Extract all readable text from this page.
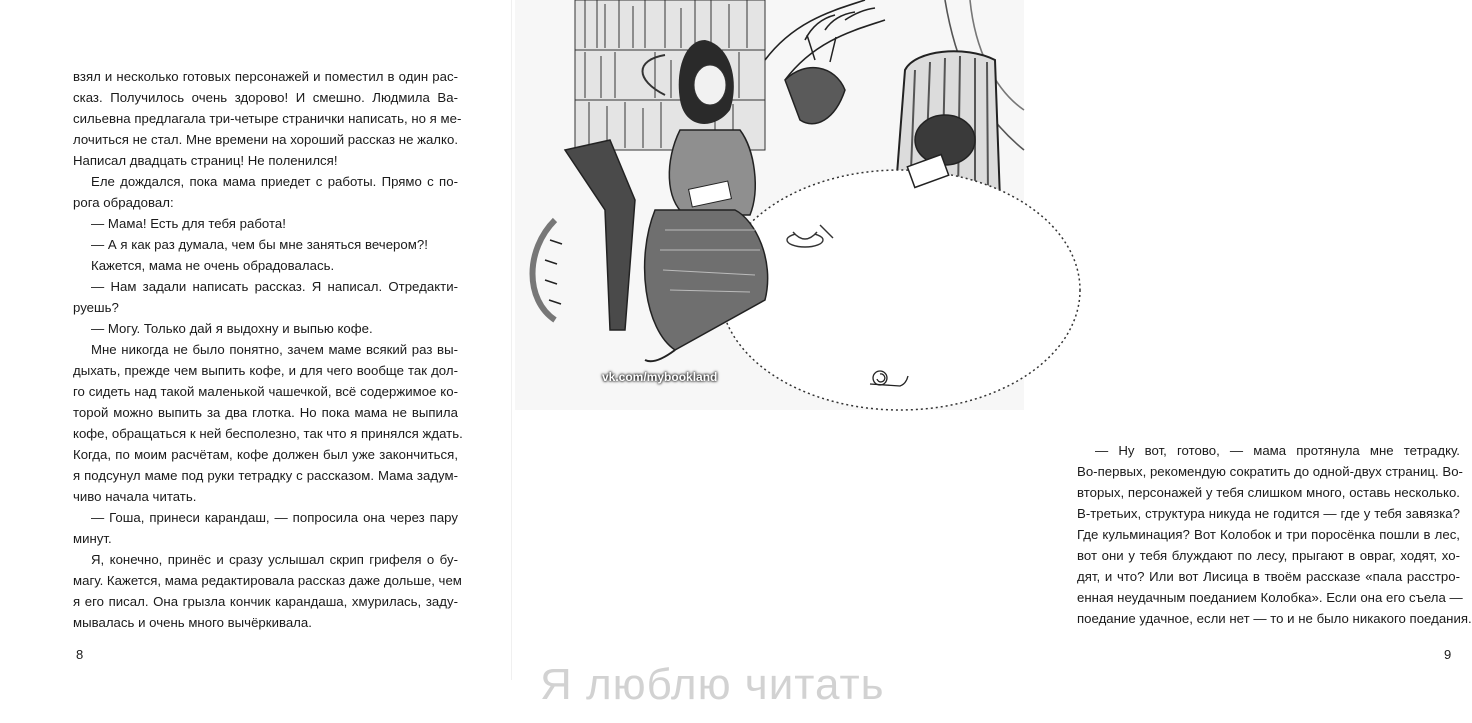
взял и несколько готовых персонажей и поместил в один рас-
сказ. Получилось очень здорово! И смешно. Людмила Ва-
сильевна предлагала три-четыре странички написать, но я ме-
лочиться не стал. Мне времени на хороший рассказ не жалко.
Написал двадцать страниц! Не поленился!
Еле дождался, пока мама приедет с работы. Прямо с по-
рога обрадовал:
— Мама! Есть для тебя работа!
— А я как раз думала, чем бы мне заняться вечером?!
Кажется, мама не очень обрадовалась.
— Нам задали написать рассказ. Я написал. Отредакти-
руешь?
— Могу. Только дай я выдохну и выпью кофе.
Мне никогда не было понятно, зачем маме всякий раз вы-
дыхать, прежде чем выпить кофе, и для чего вообще так дол-
го сидеть над такой маленькой чашечкой, всё содержимое ко-
торой можно выпить за два глотка. Но пока мама не выпила
кофе, обращаться к ней бесполезно, так что я принялся ждать.
Когда, по моим расчётам, кофе должен был уже закончиться,
я подсунул маме под руки тетрадку с рассказом. Мама задум-
чиво начала читать.
— Гоша, принеси карандаш, — попросила она через пару
минут.
Я, конечно, принёс и сразу услышал скрип грифеля о бу-
магу. Кажется, мама редактировала рассказ даже дольше, чем
я его писал. Она грызла кончик карандаша, хмурилась, заду-
мывалась и очень много вычёркивала.
8
— Ну вот, готово, — мама протянула мне тетрадку.
Во-первых, рекомендую сократить до одной-двух страниц. Во-
вторых, персонажей у тебя слишком много, оставь несколько.
В-третьих, структура никуда не годится — где у тебя завязка?
Где кульминация? Вот Колобок и три поросёнка пошли в лес,
вот они у тебя блуждают по лесу, прыгают в овраг, ходят, хо-
дят, и что? Или вот Лисица в твоём рассказе «пала расстро-
енная неудачным поеданием Колобка». Если она его съела —
поедание удачное, если нет — то и не было никакого поедания.
9
vk.com/mybookland
Я люблю читать
